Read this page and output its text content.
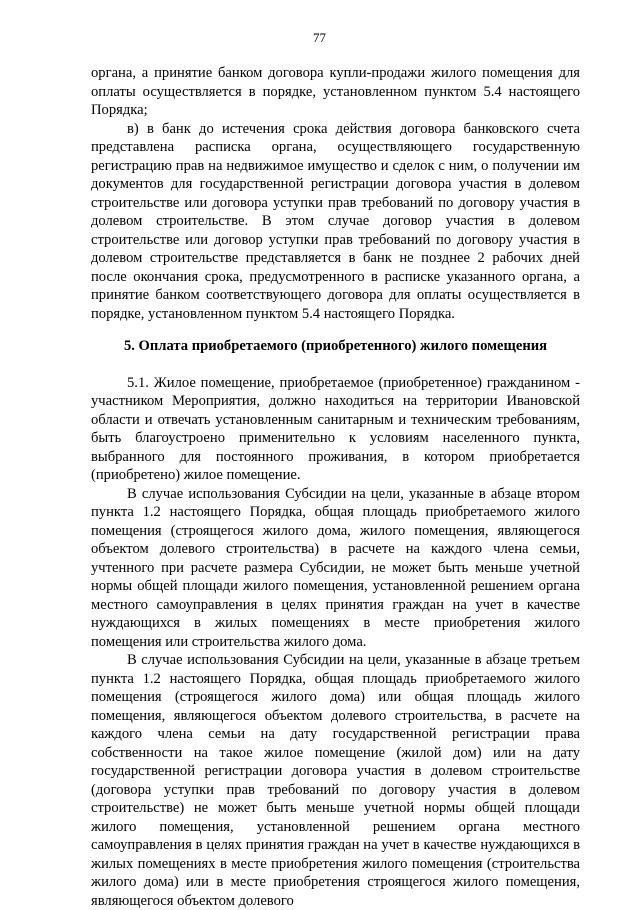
77

органа, а принятие банком договора купли-продажи жилого помещения для оплаты осуществляется в порядке, установленном пунктом 5.4 настоящего Порядка;

в) в банк до истечения срока действия договора банковского счета представлена расписка органа, осуществляющего государственную регистрацию прав на недвижимое имущество и сделок с ним, о получении им документов для государственной регистрации договора участия в долевом строительстве или договора уступки прав требований по договору участия в долевом строительстве. В этом случае договор участия в долевом строительстве или договор уступки прав требований по договору участия в долевом строительстве представляется в банк не позднее 2 рабочих дней после окончания срока, предусмотренного в расписке указанного органа, а принятие банком соответствующего договора для оплаты осуществляется в порядке, установленном пунктом 5.4 настоящего Порядка.

5. Оплата приобретаемого (приобретенного) жилого помещения

5.1. Жилое помещение, приобретаемое (приобретенное) гражданином - участником Мероприятия, должно находиться на территории Ивановской области и отвечать установленным санитарным и техническим требованиям, быть благоустроено применительно к условиям населенного пункта, выбранного для постоянного проживания, в котором приобретается (приобретено) жилое помещение.

В случае использования Субсидии на цели, указанные в абзаце втором пункта 1.2 настоящего Порядка, общая площадь приобретаемого жилого помещения (строящегося жилого дома, жилого помещения, являющегося объектом долевого строительства) в расчете на каждого члена семьи, учтенного при расчете размера Субсидии, не может быть меньше учетной нормы общей площади жилого помещения, установленной решением органа местного самоуправления в целях принятия граждан на учет в качестве нуждающихся в жилых помещениях в месте приобретения жилого помещения или строительства жилого дома.

В случае использования Субсидии на цели, указанные в абзаце третьем пункта 1.2 настоящего Порядка, общая площадь приобретаемого жилого помещения (строящегося жилого дома) или общая площадь жилого помещения, являющегося объектом долевого строительства, в расчете на каждого члена семьи на дату государственной регистрации права собственности на такое жилое помещение (жилой дом) или на дату государственной регистрации договора участия в долевом строительстве (договора уступки прав требований по договору участия в долевом строительстве) не может быть меньше учетной нормы общей площади жилого помещения, установленной решением органа местного самоуправления в целях принятия граждан на учет в качестве нуждающихся в жилых помещениях в месте приобретения жилого помещения (строительства жилого дома) или в месте приобретения строящегося жилого помещения, являющегося объектом долевого
